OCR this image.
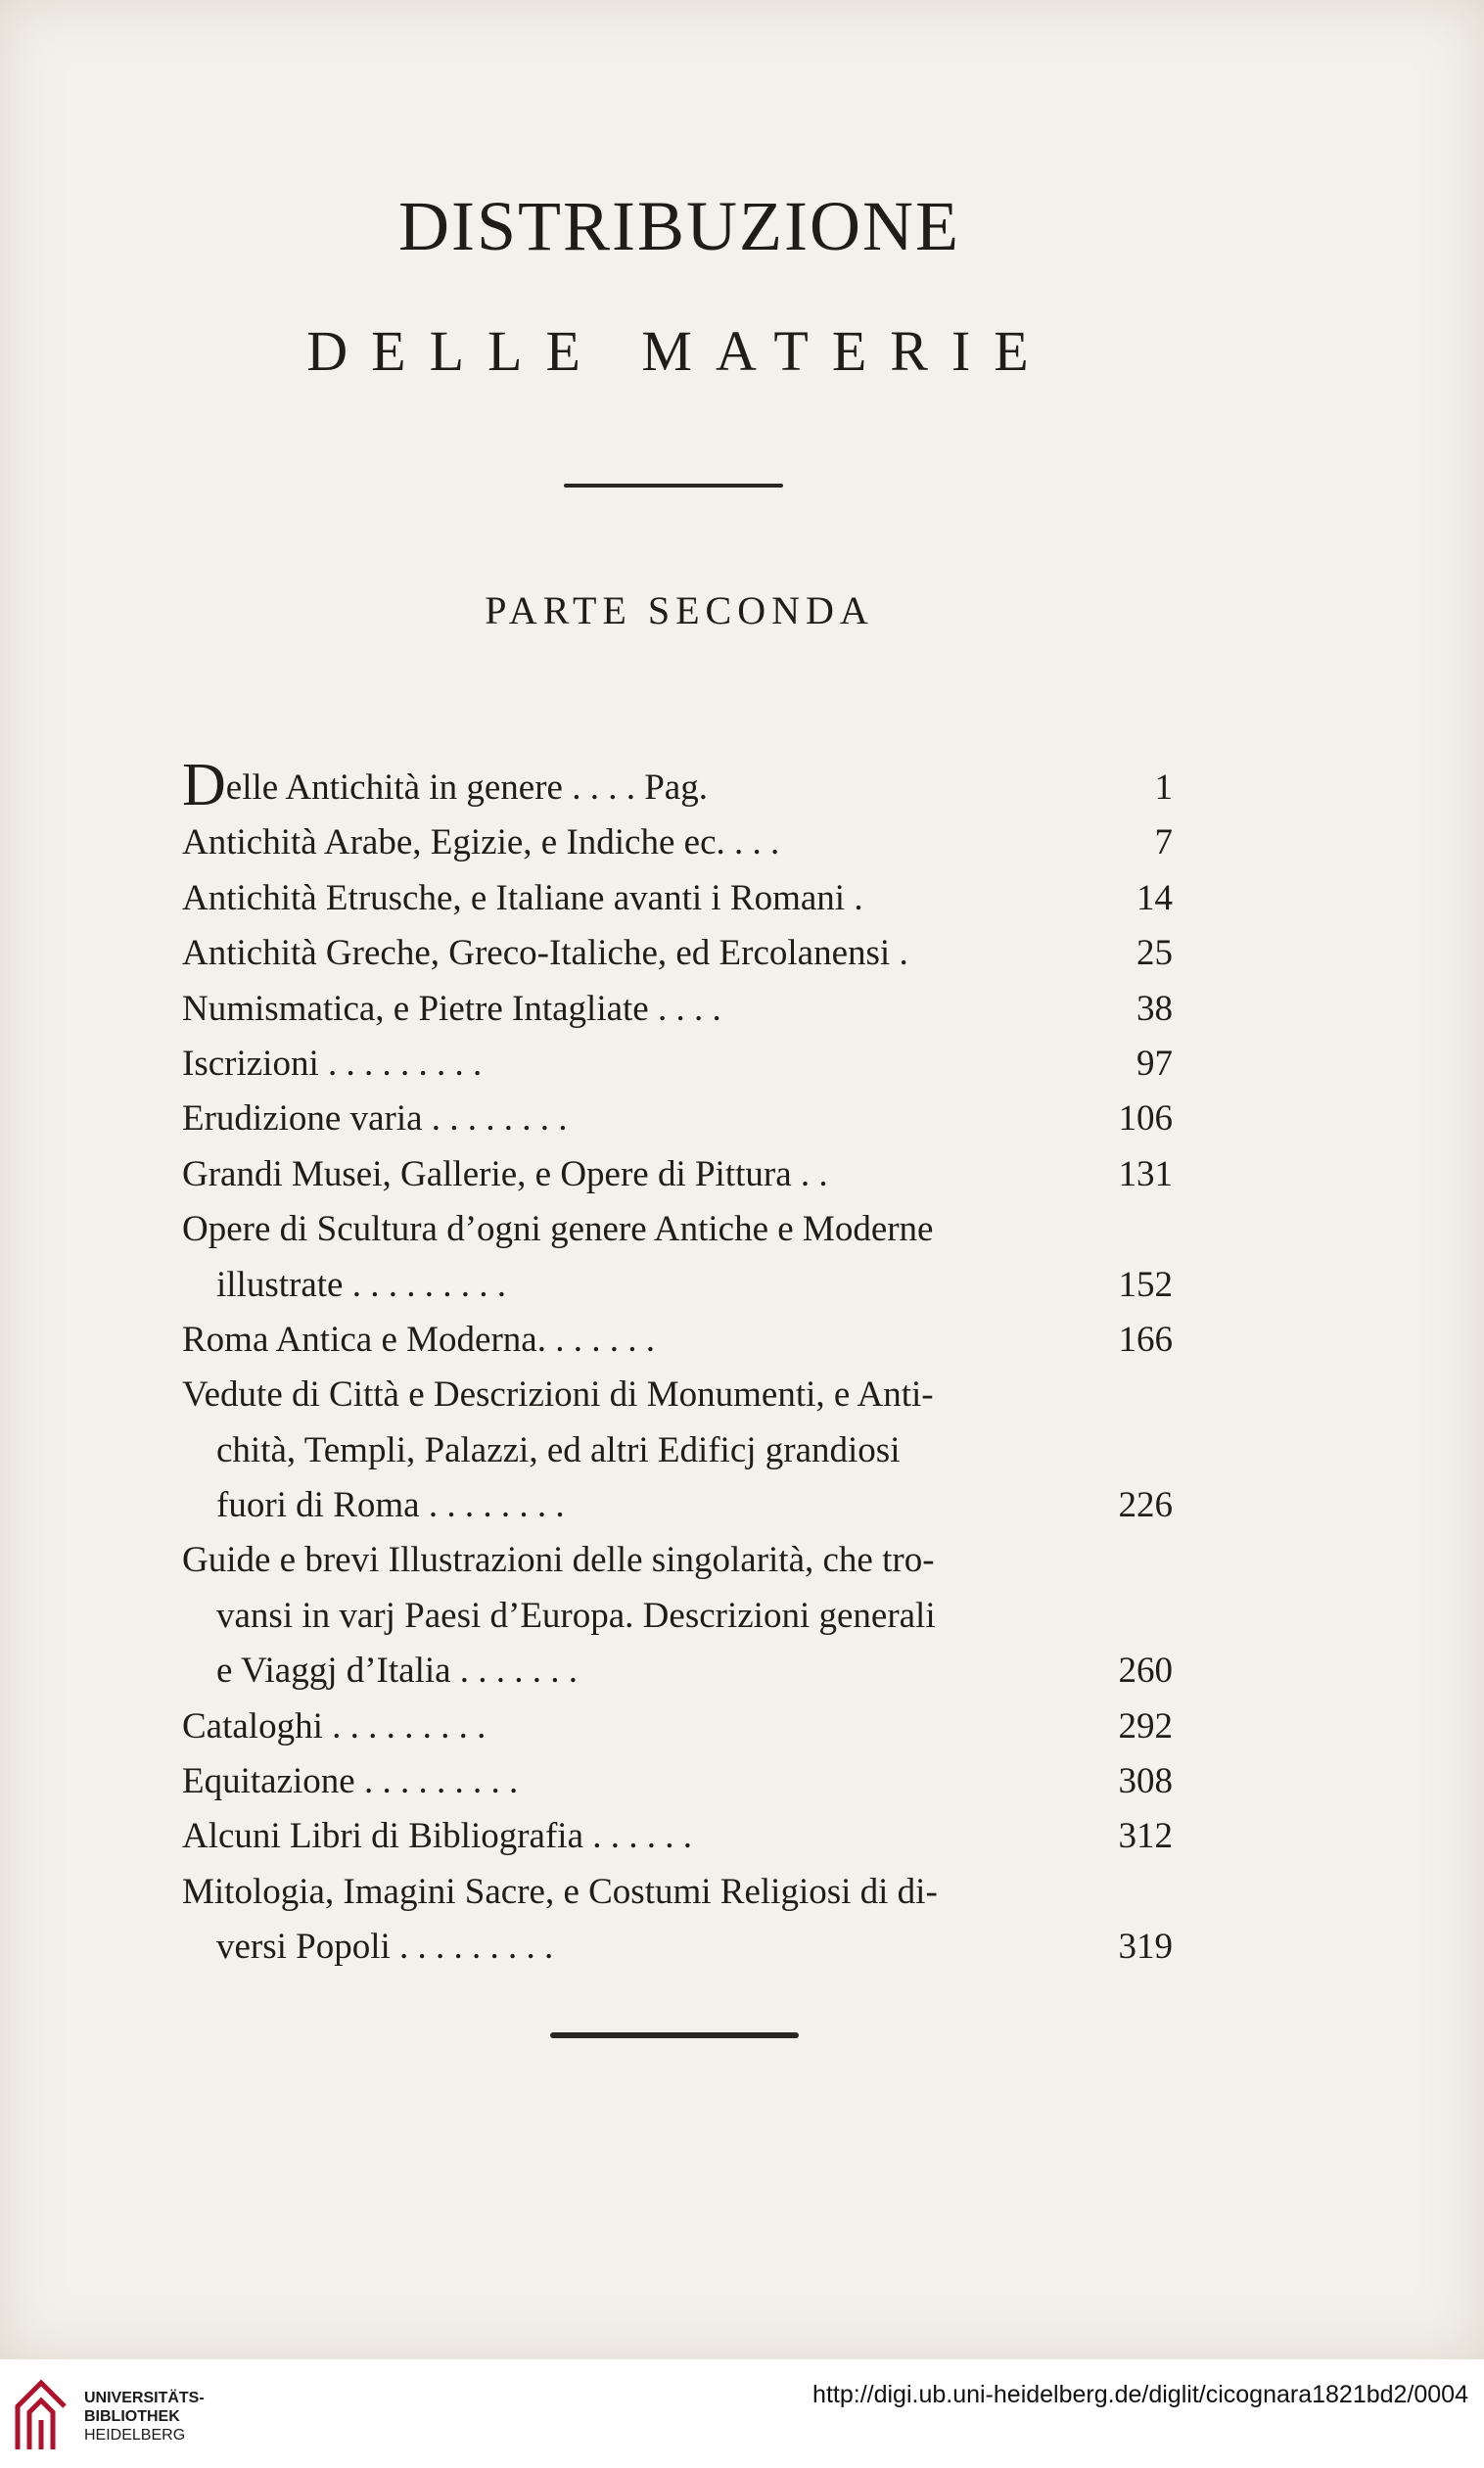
DISTRIBUZIONE
DELLE MATERIE
PARTE SECONDA
Delle Antichità in genere . . . . Pag.	1
Antichità Arabe, Egizie, e Indiche ec. . . .	7
Antichità Etrusche, e Italiane avanti i Romani .	14
Antichità Greche, Greco-Italiche, ed Ercolanensi .	25
Numismatica, e Pietre Intagliate . . . .	38
Iscrizioni . . . . . . . . .	97
Erudizione varia . . . . . . . .	106
Grandi Musei, Gallerie, e Opere di Pittura . .	131
Opere di Scultura d’ogni genere Antiche e Moderne
illustrate . . . . . . . . .	152
Roma Antica e Moderna. . . . . . .	166
Vedute di Città e Descrizioni di Monumenti, e Anti-
chità, Templi, Palazzi, ed altri Edificj grandiosi
fuori di Roma . . . . . . . .	226
Guide e brevi Illustrazioni delle singolarità, che tro-
vansi in varj Paesi d’Europa. Descrizioni generali
e Viaggj d’Italia . . . . . . .	260
Cataloghi . . . . . . . . .	292
Equitazione . . . . . . . . .	308
Alcuni Libri di Bibliografia . . . . . .	312
Mitologia, Imagini Sacre, e Costumi Religiosi di di-
versi Popoli . . . . . . . . .	319
UNIVERSITÄTS-
BIBLIOTHEK
HEIDELBERG
http://digi.ub.uni-heidelberg.de/diglit/cicognara1821bd2/0004
